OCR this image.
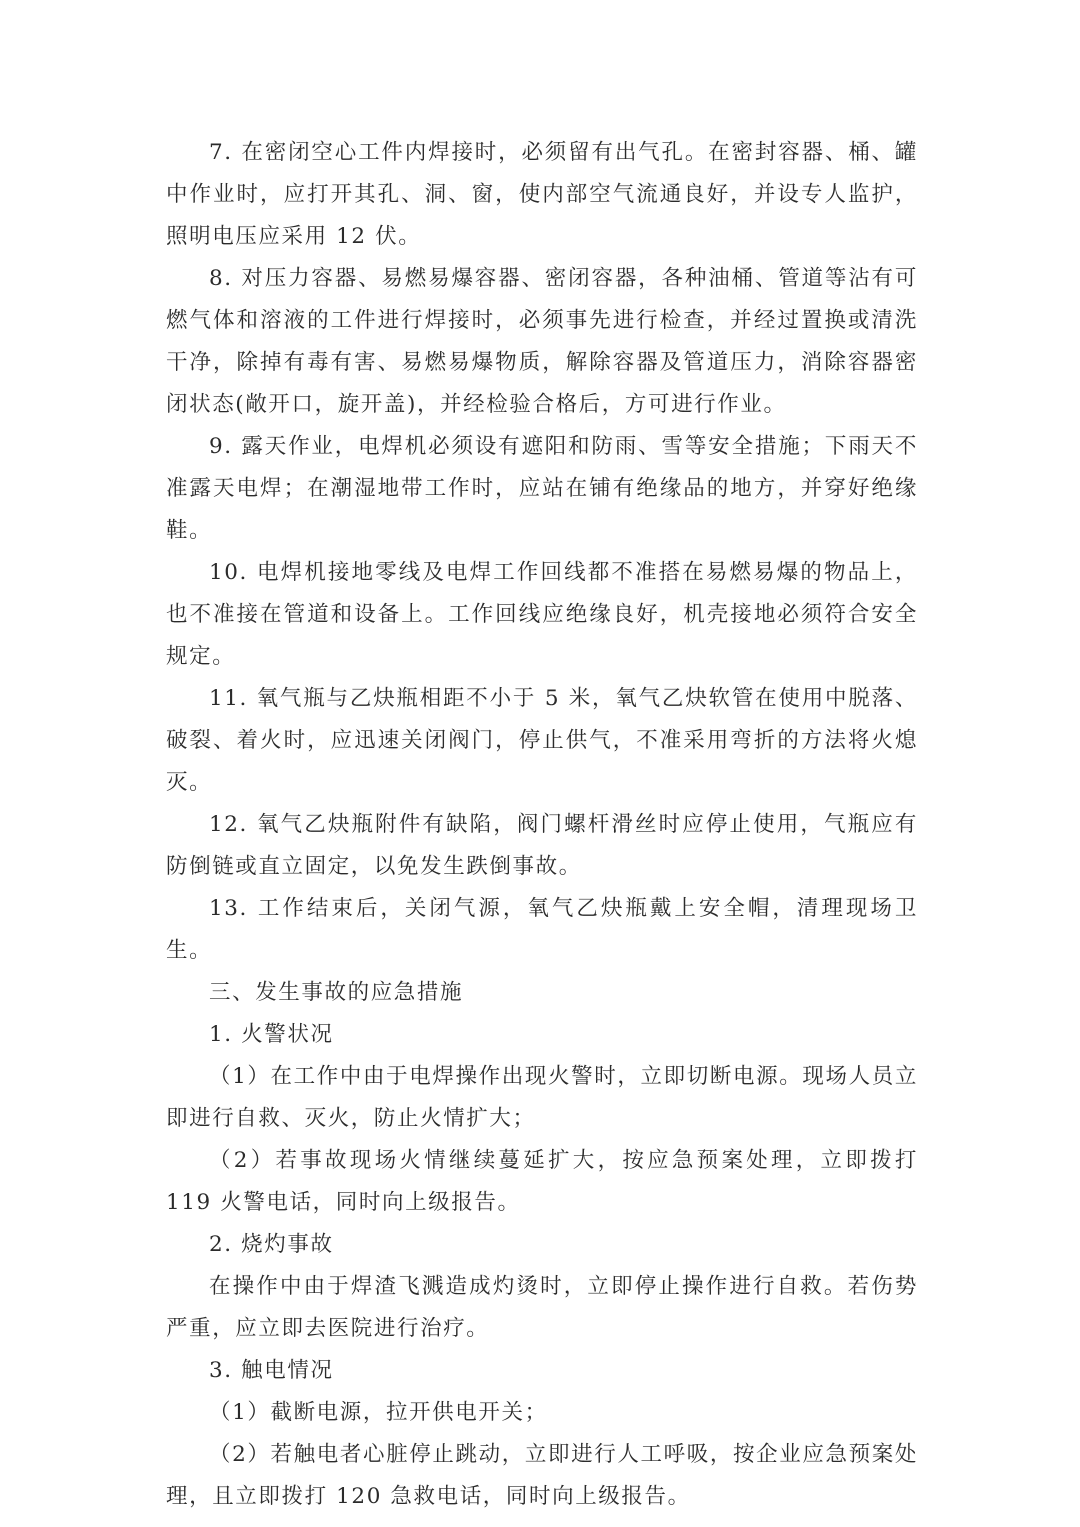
7. 在密闭空心工件内焊接时，必须留有出气孔。在密封容器、桶、罐中作业时，应打开其孔、洞、窗，使内部空气流通良好，并设专人监护，照明电压应采用 12 伏。

8. 对压力容器、易燃易爆容器、密闭容器，各种油桶、管道等沾有可燃气体和溶液的工件进行焊接时，必须事先进行检查，并经过置换或清洗干净，除掉有毒有害、易燃易爆物质，解除容器及管道压力，消除容器密闭状态(敞开口，旋开盖)，并经检验合格后，方可进行作业。

9. 露天作业，电焊机必须设有遮阳和防雨、雪等安全措施；下雨天不准露天电焊；在潮湿地带工作时，应站在铺有绝缘品的地方，并穿好绝缘鞋。

10. 电焊机接地零线及电焊工作回线都不准搭在易燃易爆的物品上，也不准接在管道和设备上。工作回线应绝缘良好，机壳接地必须符合安全规定。

11. 氧气瓶与乙炔瓶相距不小于 5 米，氧气乙炔软管在使用中脱落、破裂、着火时，应迅速关闭阀门，停止供气，不准采用弯折的方法将火熄灭。

12. 氧气乙炔瓶附件有缺陷，阀门螺杆滑丝时应停止使用，气瓶应有防倒链或直立固定，以免发生跌倒事故。

13. 工作结束后，关闭气源，氧气乙炔瓶戴上安全帽，清理现场卫生。

三、发生事故的应急措施

1. 火警状况

（1）在工作中由于电焊操作出现火警时，立即切断电源。现场人员立即进行自救、灭火，防止火情扩大；

（2）若事故现场火情继续蔓延扩大，按应急预案处理，立即拨打 119 火警电话，同时向上级报告。

2. 烧灼事故

在操作中由于焊渣飞溅造成灼烫时，立即停止操作进行自救。若伤势严重，应立即去医院进行治疗。

3. 触电情况

（1）截断电源，拉开供电开关；

（2）若触电者心脏停止跳动，立即进行人工呼吸，按企业应急预案处理，且立即拨打 120 急救电话，同时向上级报告。
